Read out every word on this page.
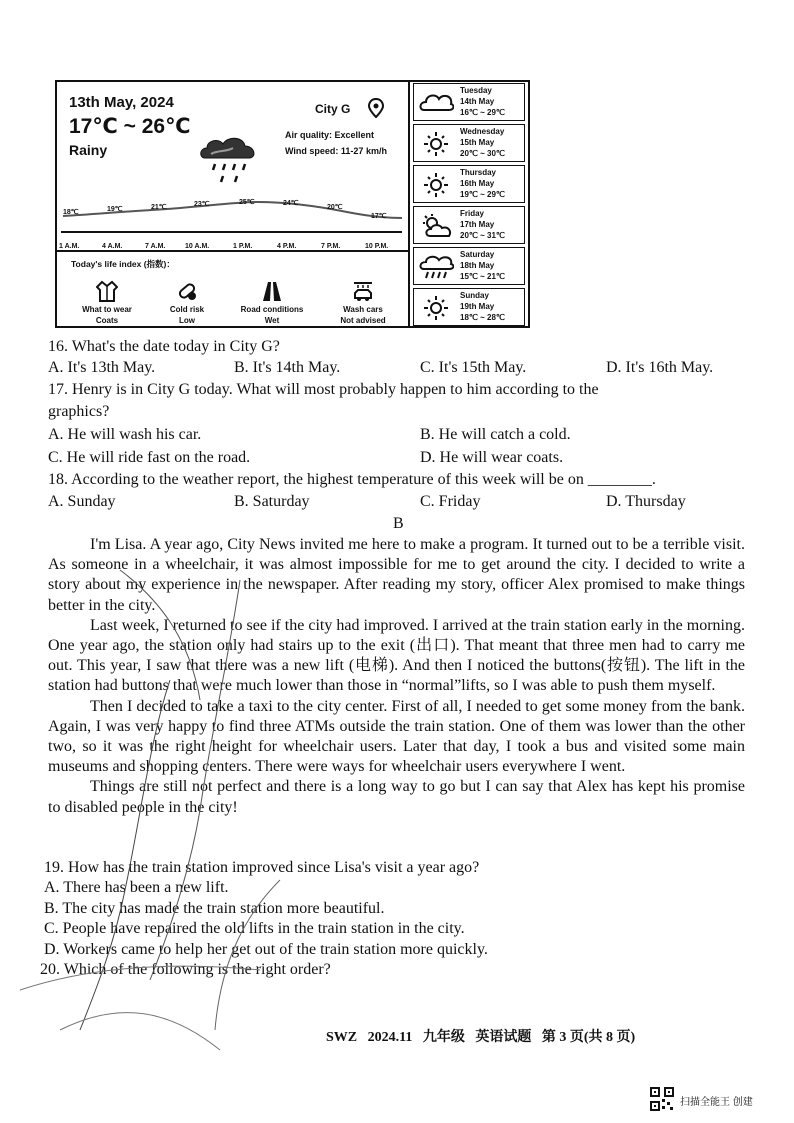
13th May, 2024
17℃ ~ 26℃
Rainy
City G
Air quality: Excellent
Wind speed: 11-27 km/h
18℃	19℃	21℃	23℃	25℃	24℃
20℃
17℃
1 A.M.	4 A.M.	7 A.M.	10 A.M.	1 P.M.	4 P.M.	7 P.M.	10 P.M.
Today's life index (指数)：
What to wear
Coats
Cold risk
Low
Road conditions
Wet
Wash cars
Not advised
Tuesday
14th May
16℃ ~ 29℃
Wednesday
15th May
20℃ ~ 30℃
Thursday
16th May
19℃ ~ 29℃
Friday
17th May
20℃ ~ 31℃
Saturday
18th May
15℃ ~ 21℃
Sunday
19th May
18℃ ~ 28℃
16. What's the date today in City G?
A. It's 13th May.	B. It's 14th May.	C. It's 15th May.	D. It's 16th May.
17. Henry is in City G today. What will most probably happen to him according to the
graphics?
A. He will wash his car.	B. He will catch a cold.
C. He will ride fast on the road.	D. He will wear coats.
18. According to the weather report, the highest temperature of this week will be on ________.
A. Sunday	B. Saturday	C. Friday	D. Thursday
B

I'm Lisa. A year ago, City News invited me here to make a program. It turned out to be a terrible visit. As someone in a wheelchair, it was almost impossible for me to get around the city. I decided to write a story about my experience in the newspaper. After reading my story, officer Alex promised to make things better in the city.

Last week, I returned to see if the city had improved. I arrived at the train station early in the morning. One year ago, the station only had stairs up to the exit (出口). That meant that three men had to carry me out. This year, I saw that there was a new lift (电梯). And then I noticed the buttons(按钮). The lift in the station had buttons that were much lower than those in “normal”lifts, so I was able to push them myself.

Then I decided to take a taxi to the city center. First of all, I needed to get some money from the bank. Again, I was very happy to find three ATMs outside the train station. One of them was lower than the other two, so it was the right height for wheelchair users. Later that day, I took a bus and visited some main museums and shopping centers. There were ways for wheelchair users everywhere I went.

Things are still not perfect and there is a long way to go but I can say that Alex has kept his promise to disabled people in the city!

19. How has the train station improved since Lisa's visit a year ago?
A. There has been a new lift.
B. The city has made the train station more beautiful.
C. People have repaired the old lifts in the train station in the city.
D. Workers came to help her get out of the train station more quickly.
20. Which of the following is the right order?
SWZ   2024.11   九年级   英语试题   第 3 页(共 8 页)
扫描全能王 创建
